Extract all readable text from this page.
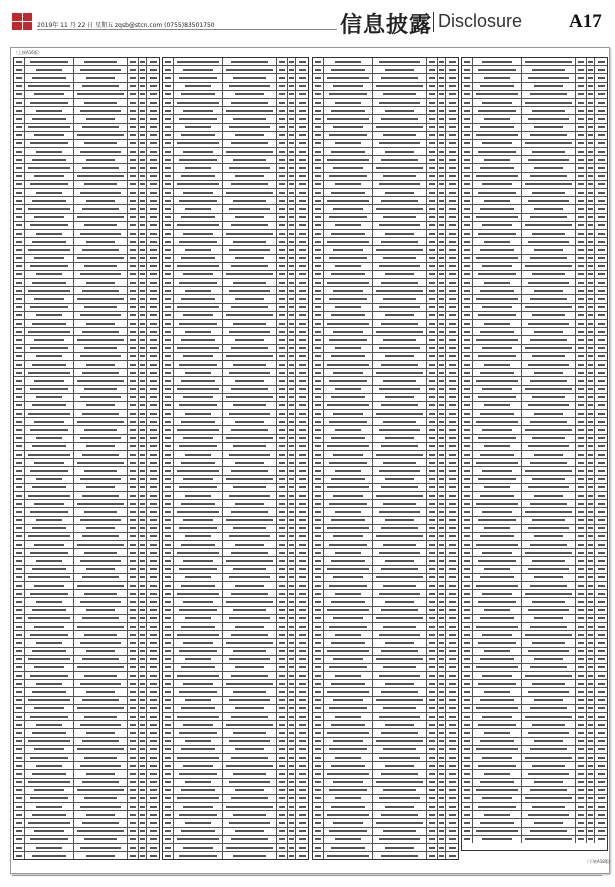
2019年 11 月 22 日 星期五 zqsb@stcn.com (0755)83501750	信息披露 Disclosure A17
（上接A16版）
（下转A18版）
